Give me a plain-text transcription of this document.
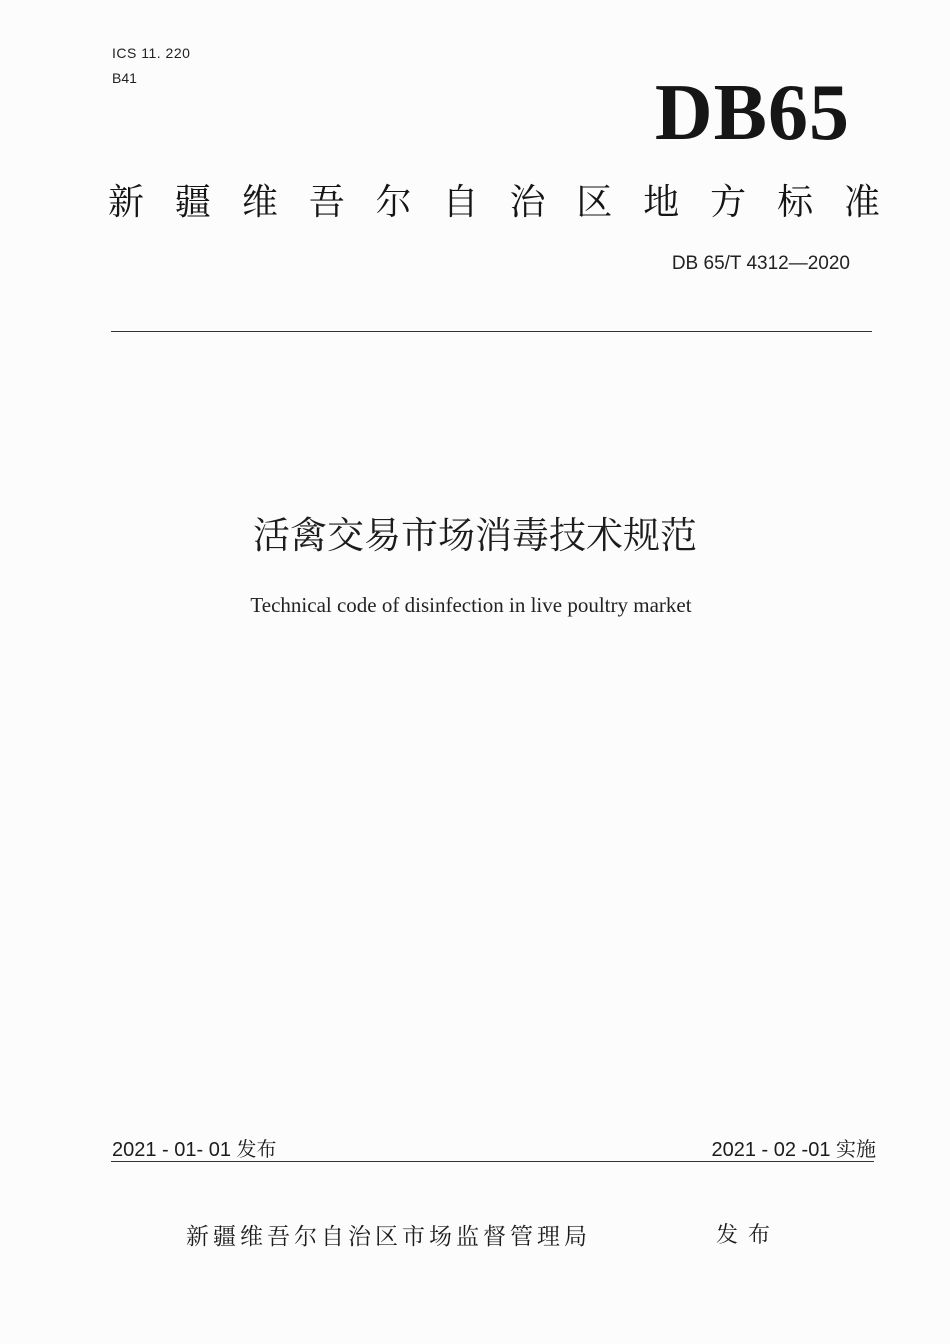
ICS 11. 220
B41	DB65
新 疆 维 吾 尔 自 治 区 地 方 标 准
DB 65/T 4312—2020
活禽交易市场消毒技术规范
Technical code of disinfection in live poultry market
2021 - 01- 01 发布	2021 - 02 -01 实施
新疆维吾尔自治区市场监督管理局	发布
